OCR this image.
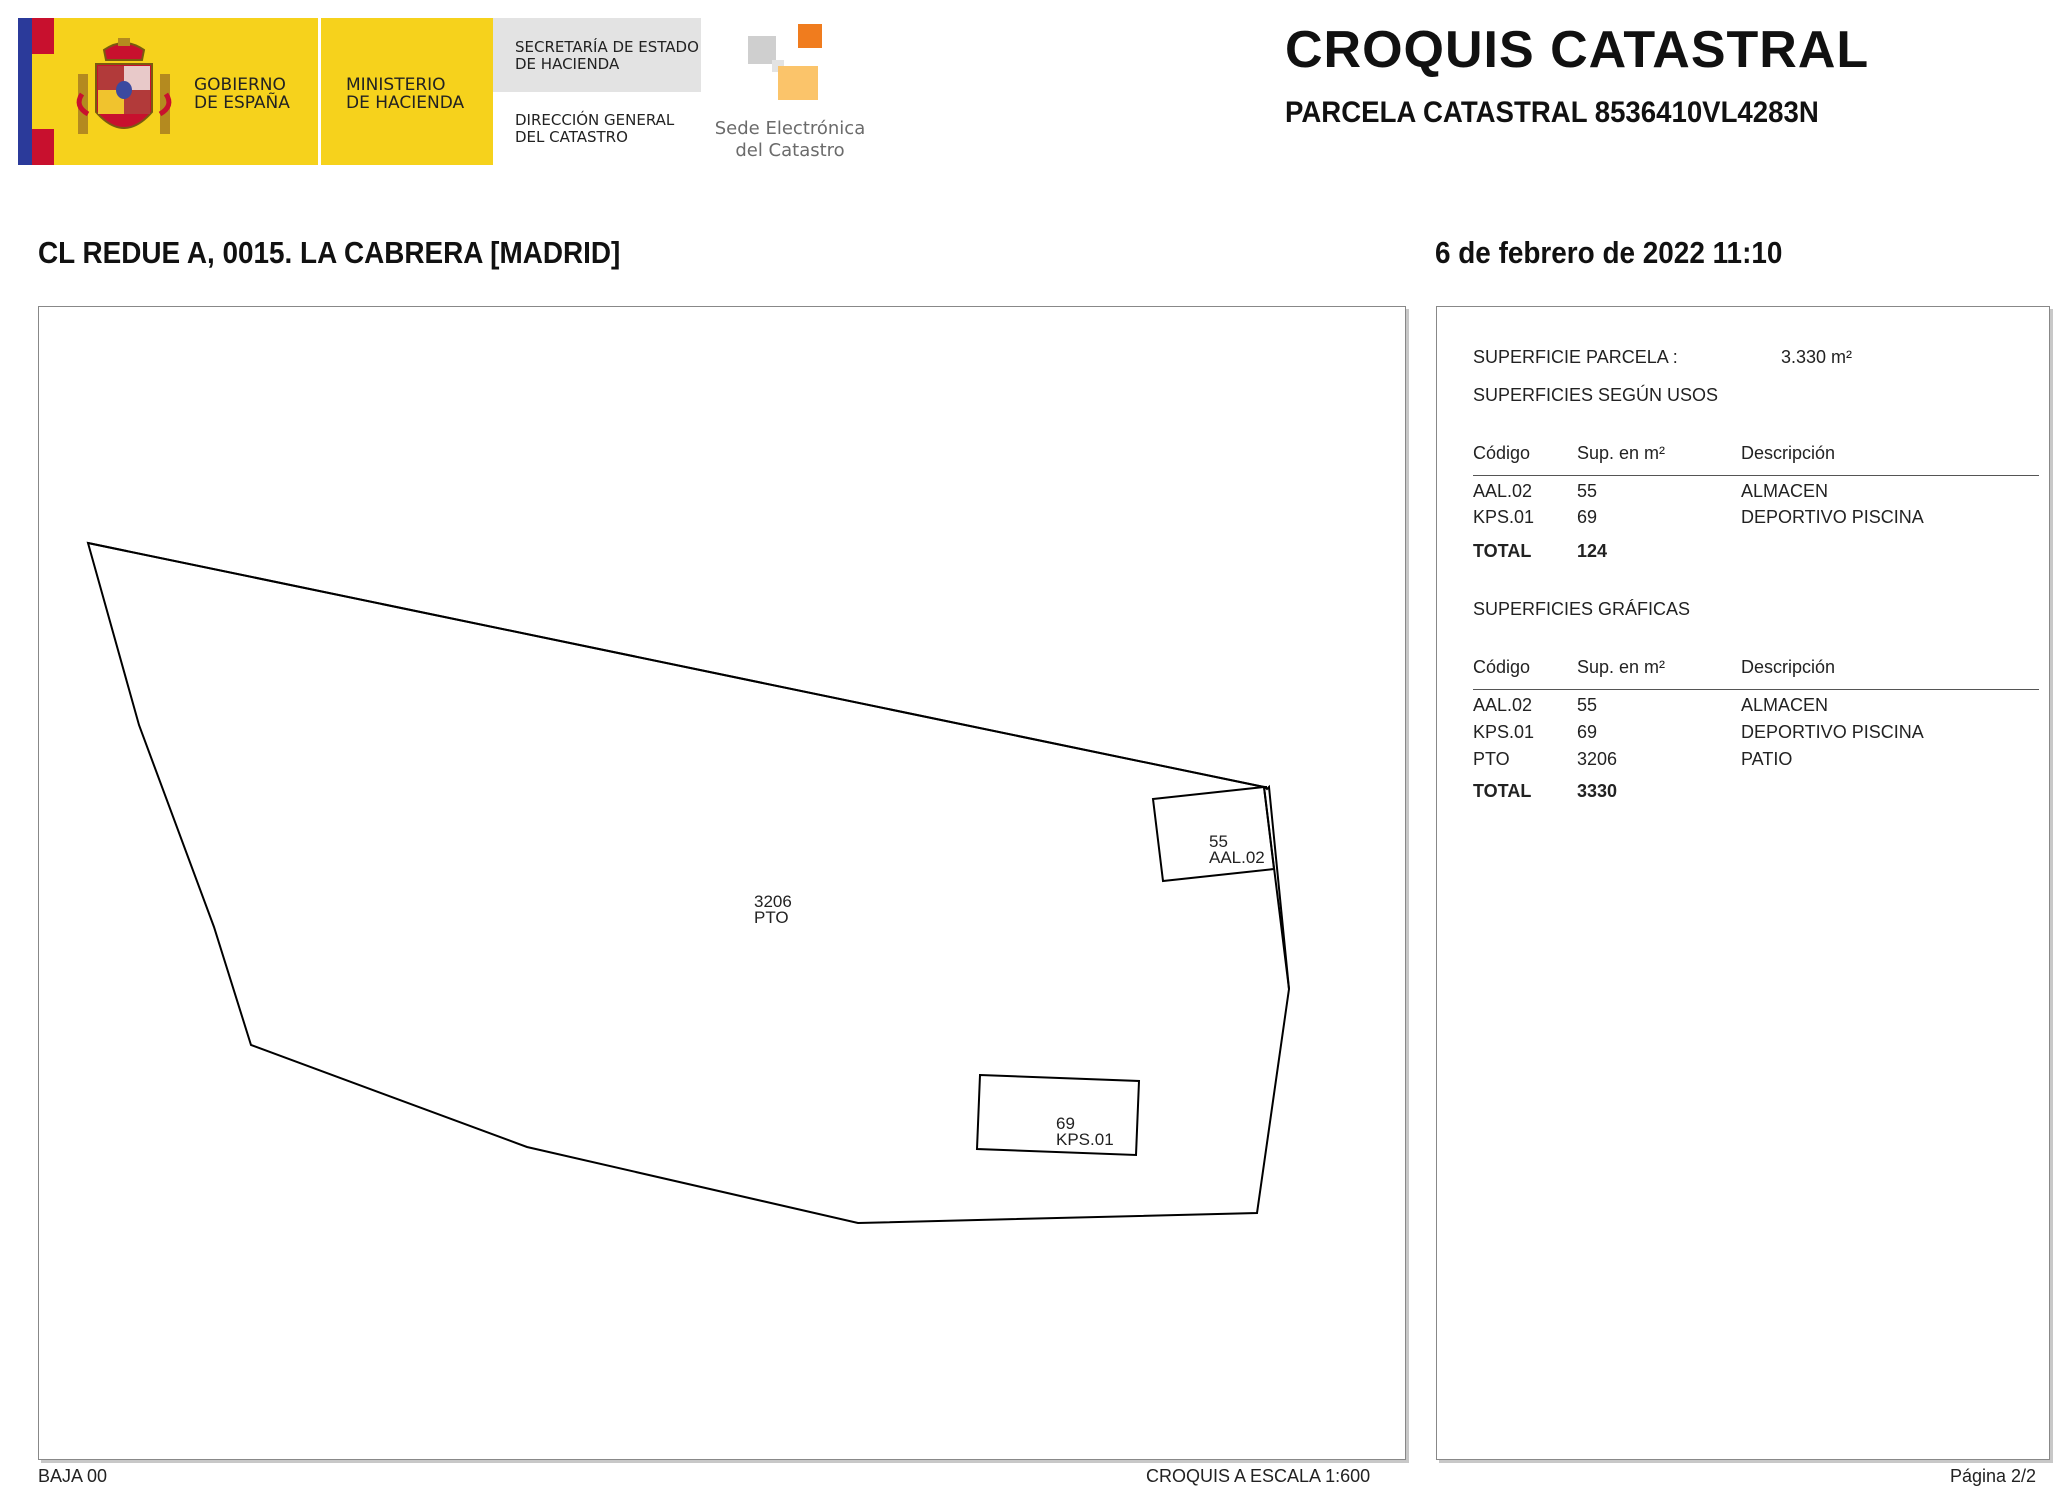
GOBIERNO
DE ESPAÑA
MINISTERIO
DE HACIENDA
SECRETARÍA DE ESTADO
DE HACIENDA
DIRECCIÓN GENERAL
DEL CATASTRO	Sede Electrónica
del Catastro
CROQUIS CATASTRAL
PARCELA CATASTRAL 8536410VL4283N
CL REDUE A, 0015. LA CABRERA [MADRID]	6 de febrero de 2022 11:10
3206
PTO
55
AAL.02
69
KPS.01
SUPERFICIE PARCELA :	3.330 m²
SUPERFICIES SEGÚN USOS
Código	Sup. en m²	Descripción
AAL.02 55	ALMACEN
KPS.01 69	DEPORTIVO PISCINA
TOTAL	124
SUPERFICIES GRÁFICAS
Código	Sup. en m²	Descripción
AAL.02 55	ALMACEN
KPS.01 69	DEPORTIVO PISCINA
PTO	3206	PATIO
TOTAL	3330
BAJA 00	CROQUIS A ESCALA 1:600	Página 2/2
